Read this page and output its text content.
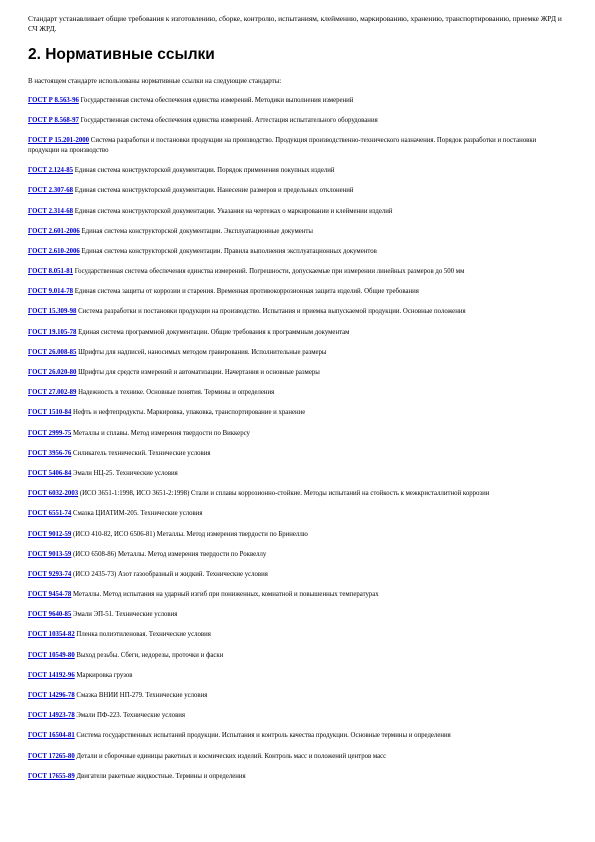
Стандарт устанавливает общие требования к изготовлению, сборке, контролю, испытаниям, клеймению, маркированию, хранению, транспортированию, приемке ЖРД и СЧ ЖРД.

2. Нормативные ссылки

В настоящем стандарте использованы нормативные ссылки на следующие стандарты:

ГОСТ Р 8.563-96 Государственная система обеспечения единства измерений. Методики выполнения измерений
ГОСТ Р 8.568-97 Государственная система обеспечения единства измерений. Аттестация испытательного оборудования
ГОСТ Р 15.201-2000 Система разработки и постановки продукции на производство. Продукция производственно-технического назначения. Порядок разработки и постановки продукции на производство
ГОСТ 2.124-85 Единая система конструкторской документации. Порядок применения покупных изделий
ГОСТ 2.307-68 Единая система конструкторской документации. Нанесение размеров и предельных отклонений
ГОСТ 2.314-68 Единая система конструкторской документации. Указания на чертежах о маркировании и клеймении изделий
ГОСТ 2.601-2006 Единая система конструкторской документации. Эксплуатационные документы
ГОСТ 2.610-2006 Единая система конструкторской документации. Правила выполнения эксплуатационных документов
ГОСТ 8.051-81 Государственная система обеспечения единства измерений. Погрешности, допускаемые при измерении линейных размеров до 500 мм
ГОСТ 9.014-78 Единая система защиты от коррозии и старения. Временная противокоррозионная защита изделий. Общие требования
ГОСТ 15.309-98 Система разработки и постановки продукции на производство. Испытания и приемка выпускаемой продукции. Основные положения
ГОСТ 19.105-78 Единая система программной документации. Общие требования к программным документам
ГОСТ 26.008-85 Шрифты для надписей, наносимых методом гравирования. Исполнительные размеры
ГОСТ 26.020-80 Шрифты для средств измерений и автоматизации. Начертания и основные размеры
ГОСТ 27.002-89 Надежность в технике. Основные понятия. Термины и определения
ГОСТ 1510-84 Нефть и нефтепродукты. Маркировка, упаковка, транспортирование и хранение
ГОСТ 2999-75 Металлы и сплавы. Метод измерения твердости по Виккерсу
ГОСТ 3956-76 Силикагель технический. Технические условия
ГОСТ 5406-84 Эмали НЦ-25. Технические условия
ГОСТ 6032-2003 (ИСО 3651-1:1998, ИСО 3651-2:1998) Стали и сплавы коррозионно-стойкие. Методы испытаний на стойкость к межкристаллитной коррозии
ГОСТ 6551-74 Смазка ЦИАТИМ-205. Технические условия
ГОСТ 9012-59 (ИСО 410-82, ИСО 6506-81) Металлы. Метод измерения твердости по Бринеллю
ГОСТ 9013-59 (ИСО 6508-86) Металлы. Метод измерения твердости по Роквеллу
ГОСТ 9293-74 (ИСО 2435-73) Азот газообразный и жидкий. Технические условия
ГОСТ 9454-78 Металлы. Метод испытания на ударный изгиб при пониженных, комнатной и повышенных температурах
ГОСТ 9640-85 Эмали ЭП-51. Технические условия
ГОСТ 10354-82 Пленка полиэтиленовая. Технические условия
ГОСТ 10549-80 Выход резьбы. Сбеги, недорезы, проточки и фаски
ГОСТ 14192-96 Маркировка грузов
ГОСТ 14296-78 Смазка ВНИИ НП-279. Технические условия
ГОСТ 14923-78 Эмали ПФ-223. Технические условия
ГОСТ 16504-81 Система государственных испытаний продукции. Испытания и контроль качества продукции. Основные термины и определения
ГОСТ 17265-80 Детали и сборочные единицы ракетных и космических изделий. Контроль масс и положений центров масс
ГОСТ 17655-89 Двигатели ракетные жидкостные. Термины и определения
